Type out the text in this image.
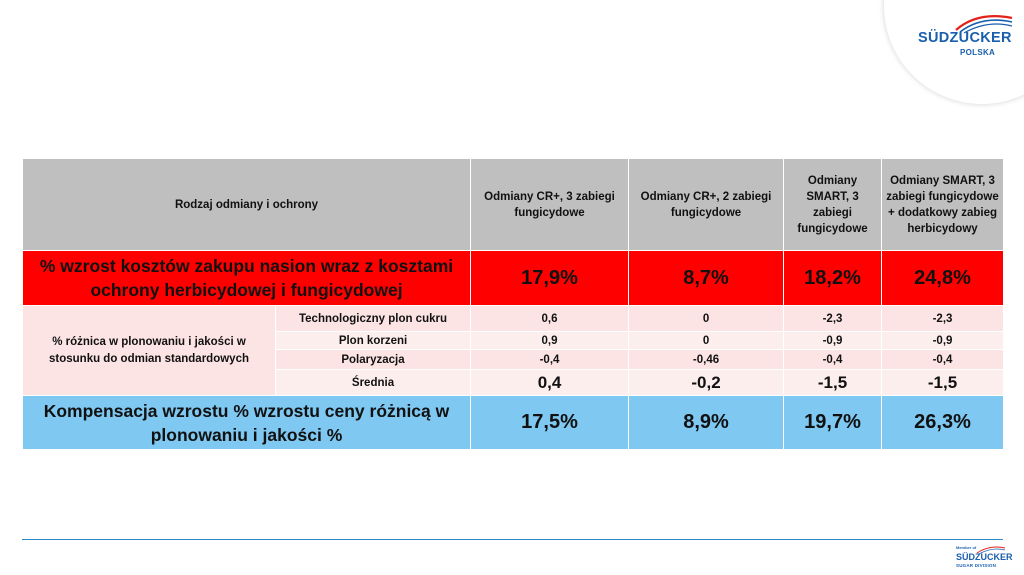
SÜDZUCKER
POLSKA
Rodzaj odmiany i ochrony		Odmiany CR+, 3 zabiegi fungicydowe	Odmiany CR+, 2 zabiegi fungicydowe	Odmiany SMART, 3 zabiegi fungicydowe	Odmiany SMART, 3 zabiegi fungicydowe + dodatkowy zabieg herbicydowy
% wzrost kosztów zakupu nasion wraz z kosztami ochrony herbicydowej i fungicydowej		17,9%	8,7%	18,2%	24,8%
% różnica w plonowaniu i jakości w stosunku do odmian standardowych	Technologiczny plon cukru	0,6	0	-2,3	-2,3
	Plon korzeni	0,9	0	-0,9	-0,9
	Polaryzacja	-0,4	-0,46	-0,4	-0,4
	Średnia	0,4	-0,2	-1,5	-1,5
Kompensacja wzrostu % wzrostu ceny różnicą w plonowaniu i jakości %		17,5%	8,9%	19,7%	26,3%
Member of
SÜDZUCKER
SUGAR DIVISION
